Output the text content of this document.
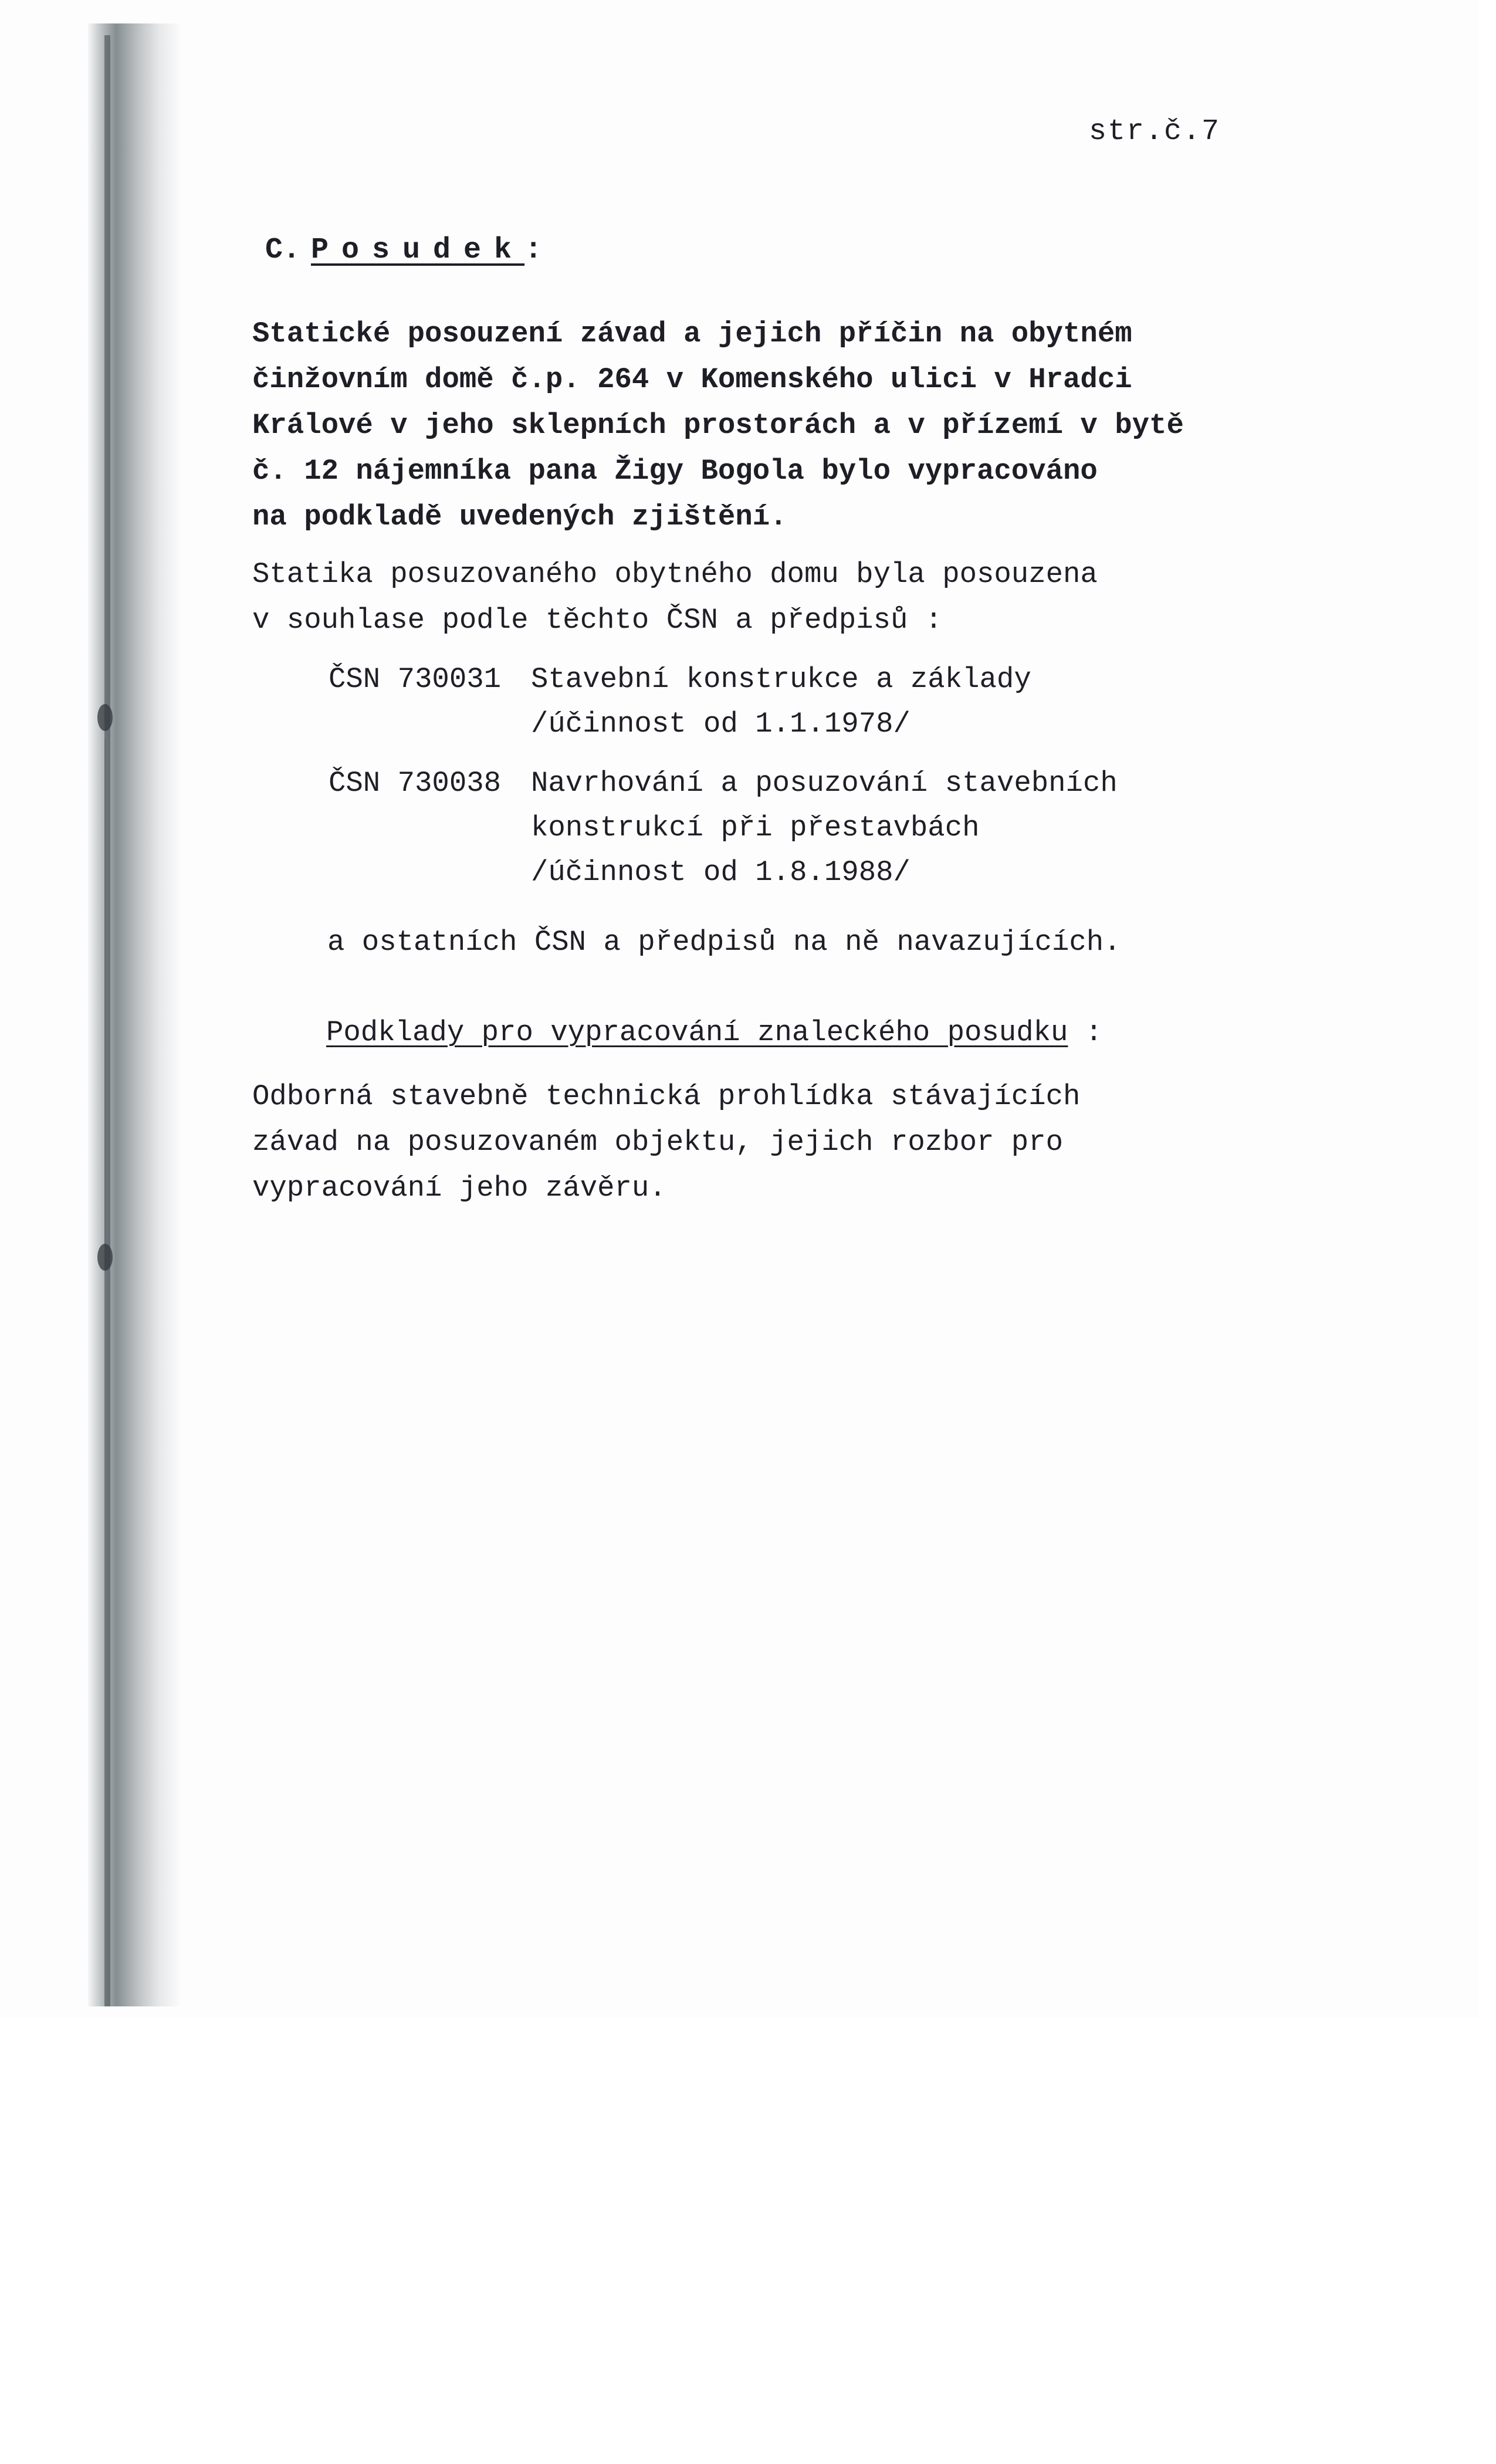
str.č.7
C. Posudek:
Statické posouzení závad a jejich příčin na obytném
činžovním domě č.p. 264 v Komenského ulici v Hradci
Králové v jeho sklepních prostorách a v přízemí v bytě
č. 12 nájemníka pana Žigy Bogola bylo vypracováno
na podkladě uvedených zjištění.
Statika posuzovaného obytného domu byla posouzena
v souhlase podle těchto ČSN a předpisů :
ČSN 730031 Stavební konstrukce a základy
/účinnost od 1.1.1978/
ČSN 730038 Navrhování a posuzování stavebních
konstrukcí při přestavbách
/účinnost od 1.8.1988/
a ostatních ČSN a předpisů na ně navazujících.
Podklady pro vypracování znaleckého posudku :
Odborná stavebně technická prohlídka stávajících
závad na posuzovaném objektu, jejich rozbor pro
vypracování jeho závěru.
